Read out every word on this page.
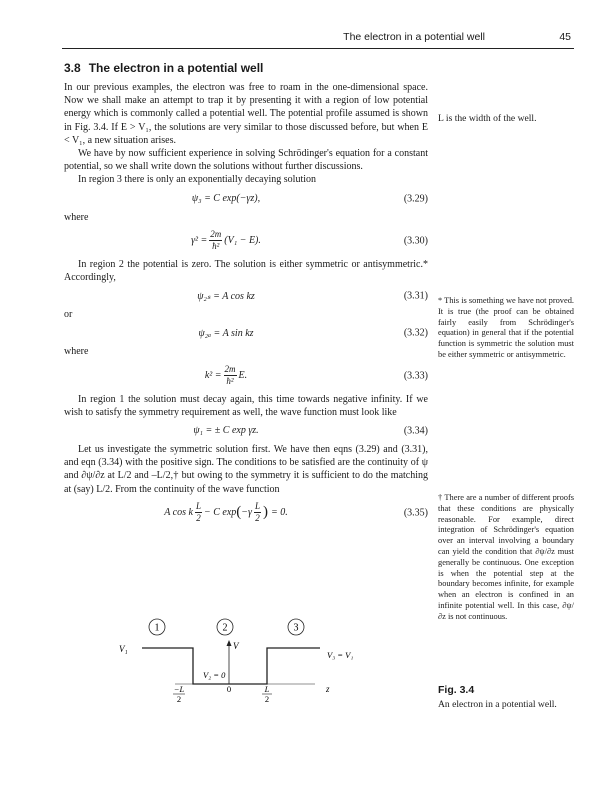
The electron in a potential well	45
3.8 The electron in a potential well

In our previous examples, the electron was free to roam in the one-dimensional space. Now we shall make an attempt to trap it by presenting it with a region of low potential energy which is commonly called a potential well. The potential profile assumed is shown in Fig. 3.4. If E > V₁, the solutions are very similar to those discussed before, but when E < V₁, a new situation arises.

We have by now sufficient experience in solving Schrödinger's equation for a constant potential, so we shall write down the solutions without further discussions.

In region 3 there is only an exponentially decaying solution

ψ₃ = C exp(−γz),	(3.29)

where

$\gamma^2 = \frac{2m}{\text{ħ²}} (V_1 - E)$.	(3.30)

In region 2 the potential is zero. The solution is either symmetric or antisymmetric.* Accordingly,

ψ₂ₛ = A cos kz	(3.31)

or

ψ₂ₐ = A sin kz	(3.32)

where

$k^2 = \frac{2m}{\text{ħ²}} E$.	(3.33)

In region 1 the solution must decay again, this time towards negative infinity. If we wish to satisfy the symmetry requirement as well, the wave function must look like

ψ₁ = ± C exp γz.	(3.34)

Let us investigate the symmetric solution first. We have then eqns (3.29) and (3.31), and eqn (3.34) with the positive sign. The conditions to be satisfied are the continuity of ψ and ∂ψ/∂z at L/2 and –L/2,† but owing to the symmetry it is sufficient to do the matching at (say) L/2. From the continuity of the wave function

A cos k $\frac{L}{2} - C$ exp ( $-\gamma \frac{L}{2}$ ) = 0.	(3.35)
L is the width of the well.
* This is something we have not proved. It is true (the proof can be obtained fairly easily from Schrödinger's equation) in general that if the potential function is symmetric the solution must be either symmetric or antisymmetric.
† There are a number of different proofs that these conditions are physically reasonable. For example, direct integration of Schrödinger's equation over an interval involving a boundary can yield the condition that ∂ψ/∂z must generally be continuous. One exception is when the potential step at the boundary becomes infinite, for example when an electron is confined in an infinite potential well. In this case, ∂ψ/∂z is not continuous.
1	2	3
V₁	V
V₃ = V₁
V₂ = 0
−L
2
0	L
2
z	Fig. 3.4
An electron in a potential well.
